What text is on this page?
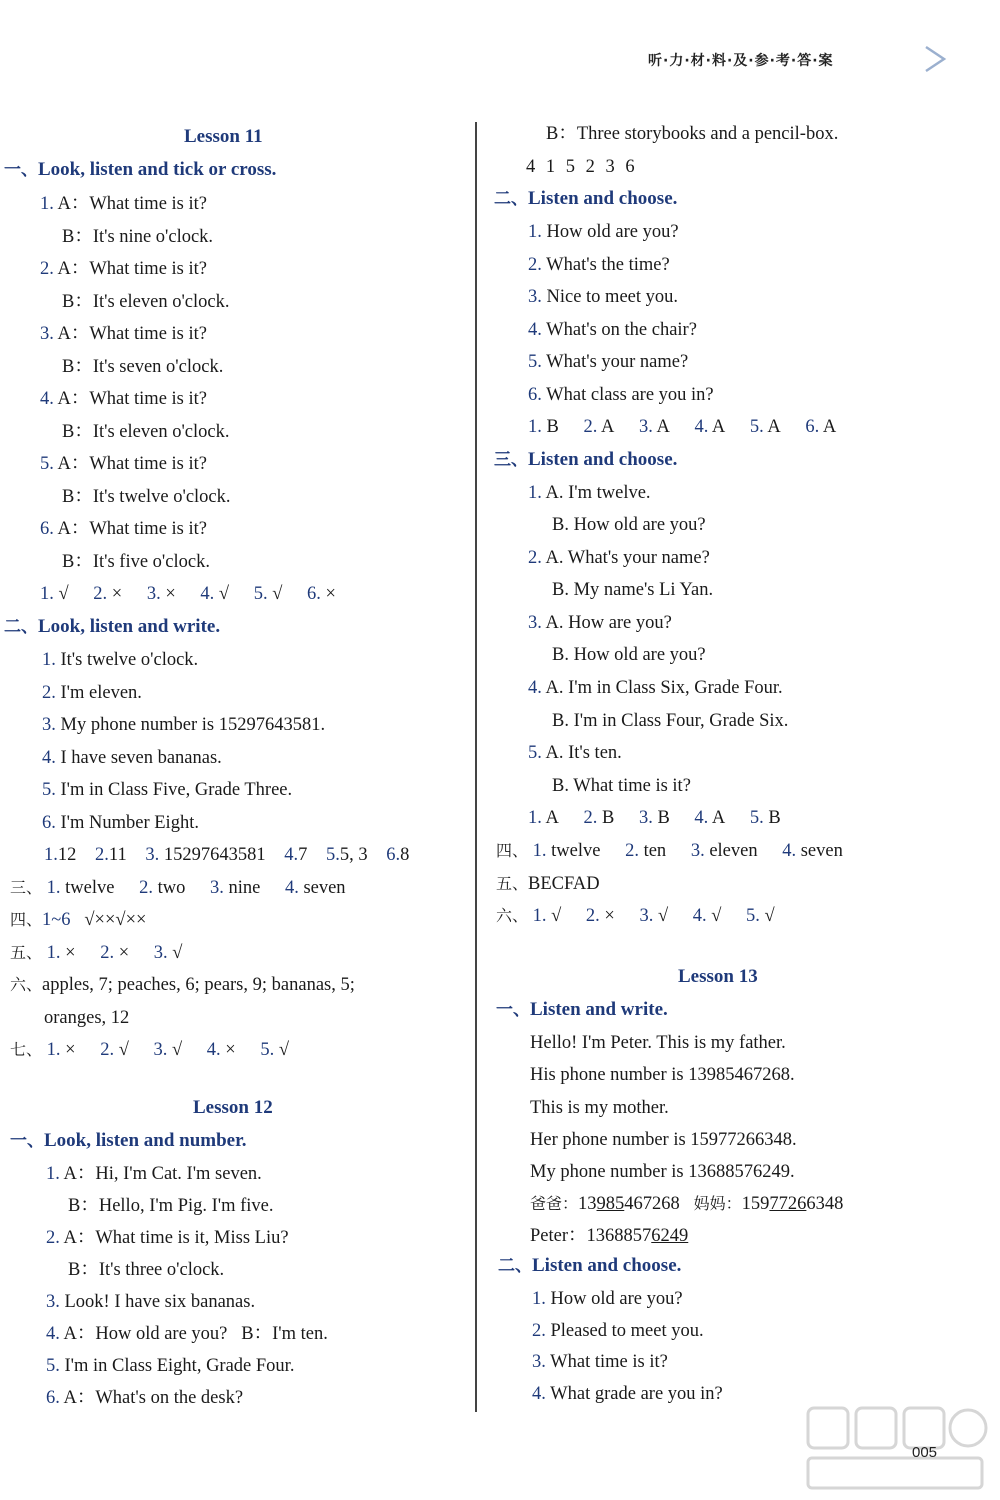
听·力·材·料·及·参·考·答·案
Lesson 11
一、Look, listen and tick or cross.
1. A：What time is it?
B：It's nine o'clock.
2. A：What time is it?
B：It's eleven o'clock.
3. A：What time is it?
B：It's seven o'clock.
4. A：What time is it?
B：It's eleven o'clock.
5. A：What time is it?
B：It's twelve o'clock.
6. A：What time is it?
B：It's five o'clock.
1. √ 2. × 3. × 4. √ 5. √ 6. ×
二、Look, listen and write.
1. It's twelve o'clock.
2. I'm eleven.
3. My phone number is 15297643581.
4. I have seven bananas.
5. I'm in Class Five, Grade Three.
6. I'm Number Eight.
1.12 2.11 3. 15297643581 4.7 5.5, 3 6.8
三、 1. twelve 2. two 3. nine 4. seven
四、1~6 √××√××
五、 1. × 2. × 3. √
六、apples, 7; peaches, 6; pears, 9; bananas, 5;
oranges, 12
七、 1. × 2. √ 3. √ 4. × 5. √
Lesson 12
一、Look, listen and number.
1. A：Hi, I'm Cat. I'm seven.
B：Hello, I'm Pig. I'm five.
2. A：What time is it, Miss Liu?
B：It's three o'clock.
3. Look! I have six bananas.
4. A：How old are you? B：I'm ten.
5. I'm in Class Eight, Grade Four.
6. A：What's on the desk?
B：Three storybooks and a pencil-box.
4 1 5 2 3 6
二、Listen and choose.
1. How old are you?
2. What's the time?
3. Nice to meet you.
4. What's on the chair?
5. What's your name?
6. What class are you in?
1. B 2. A 3. A 4. A 5. A 6. A
三、Listen and choose.
1. A. I'm twelve.
B. How old are you?
2. A. What's your name?
B. My name's Li Yan.
3. A. How are you?
B. How old are you?
4. A. I'm in Class Six, Grade Four.
B. I'm in Class Four, Grade Six.
5. A. It's ten.
B. What time is it?
1. A 2. B 3. B 4. A 5. B
四、 1. twelve 2. ten 3. eleven 4. seven
五、BECFAD
六、 1. √ 2. × 3. √ 4. √ 5. √
Lesson 13
一、Listen and write.
Hello! I'm Peter. This is my father.
His phone number is 13985467268.
This is my mother.
Her phone number is 15977266348.
My phone number is 13688576249.
爸爸：13985467268 妈妈：15977266348
Peter：13688576249
二、Listen and choose.
1. How old are you?
2. Pleased to meet you.
3. What time is it?
4. What grade are you in?
005
